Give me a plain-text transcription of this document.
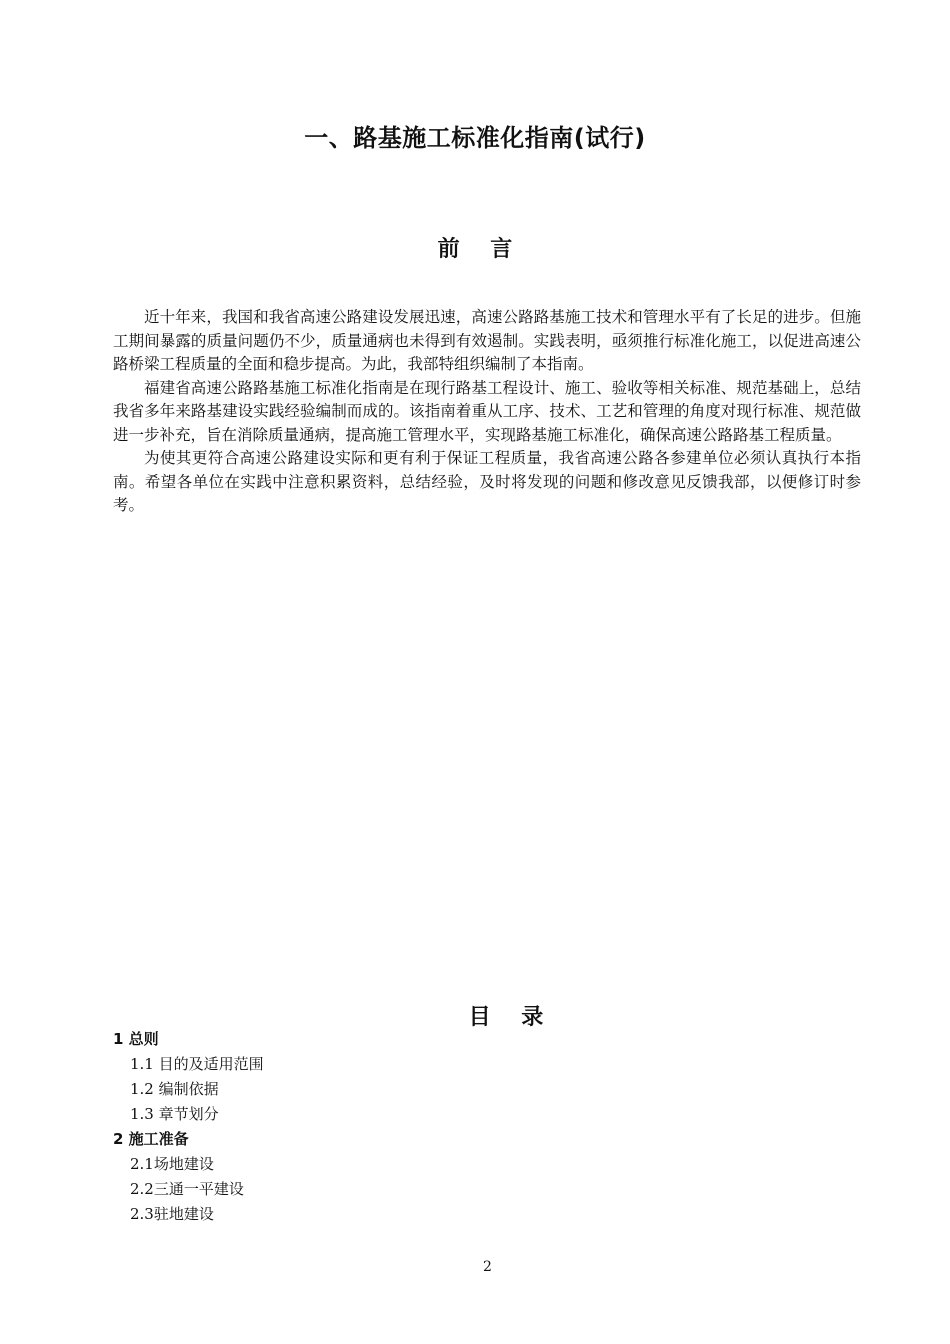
一、路基施工标准化指南(试行)
前    言

近十年来，我国和我省高速公路建设发展迅速，高速公路路基施工技术和管理水平有了长足的进步。但施工期间暴露的质量问题仍不少，质量通病也未得到有效遏制。实践表明，亟须推行标准化施工，以促进高速公路桥梁工程质量的全面和稳步提高。为此，我部特组织编制了本指南。

福建省高速公路路基施工标准化指南是在现行路基工程设计、施工、验收等相关标准、规范基础上，总结我省多年来路基建设实践经验编制而成的。该指南着重从工序、技术、工艺和管理的角度对现行标准、规范做进一步补充，旨在消除质量通病，提高施工管理水平，实现路基施工标准化，确保高速公路路基工程质量。

为使其更符合高速公路建设实际和更有利于保证工程质量，我省高速公路各参建单位必须认真执行本指南。希望各单位在实践中注意积累资料，总结经验，及时将发现的问题和修改意见反馈我部，以便修订时参考。

目    录
1 总则
1.1 目的及适用范围
1.2 编制依据
1.3 章节划分
2 施工准备
2.1场地建设
2.2三通一平建设
2.3驻地建设
2
